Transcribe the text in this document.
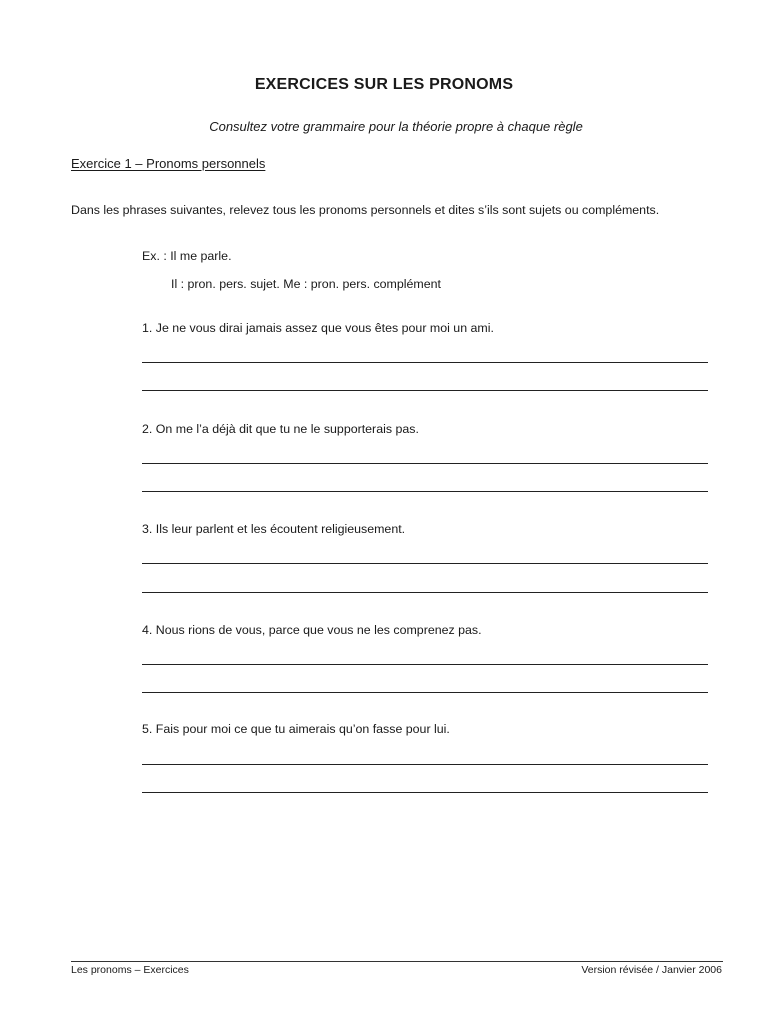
EXERCICES SUR LES PRONOMS
Consultez votre grammaire pour la théorie propre à chaque règle
Exercice 1 – Pronoms personnels
Dans les phrases suivantes, relevez tous les pronoms personnels et dites s’ils sont sujets ou compléments.
Ex. : Il me parle.
Il : pron. pers. sujet. Me : pron. pers. complément
1. Je ne vous dirai jamais assez que vous êtes pour moi un ami.
2. On me l’a déjà dit que tu ne le supporterais pas.
3. Ils leur parlent et les écoutent religieusement.
4. Nous rions de vous, parce que vous ne les comprenez pas.
5. Fais pour moi ce que tu aimerais qu’on fasse pour lui.
Les pronoms – Exercices	Version révisée / Janvier 2006
